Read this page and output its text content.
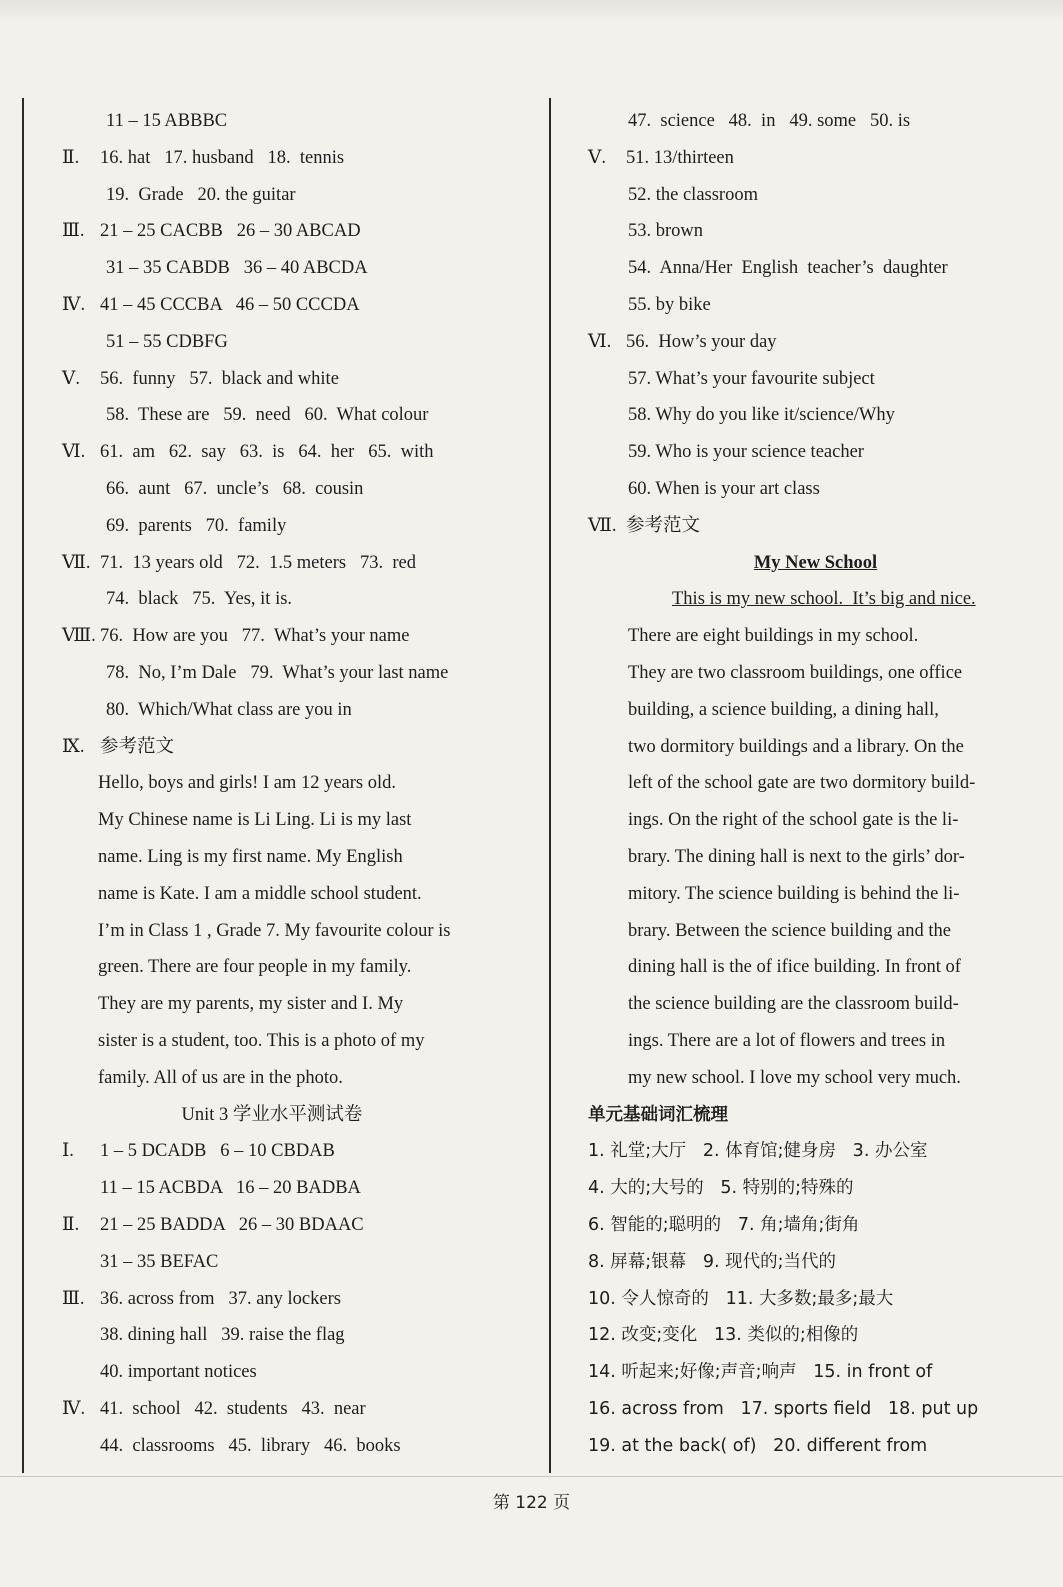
11 – 15 ABBBC
Ⅱ. 16. hat   17. husband   18.  tennis
19.  Grade   20. the guitar
Ⅲ. 21 – 25 CACBB   26 – 30 ABCAD
31 – 35 CABDB   36 – 40 ABCDA
Ⅳ. 41 – 45 CCCBA   46 – 50 CCCDA
51 – 55 CDBFG
Ⅴ. 56.  funny   57.  black and white
58.  These are   59.  need   60.  What colour
Ⅵ. 61.  am   62.  say   63.  is   64.  her   65.  with
66.  aunt   67.  uncle’s   68.  cousin
69.  parents   70.  family
Ⅶ. 71.  13 years old   72.  1.5 meters   73.  red
74.  black   75.  Yes, it is.
Ⅷ. 76.  How are you   77.  What’s your name
78.  No, I’m Dale   79.  What’s your last name
80.  Which/What class are you in
Ⅸ. 参考范文

Hello, boys and girls! I am 12 years old.

My Chinese name is Li Ling. Li is my last

name. Ling is my first name. My English

name is Kate. I am a middle school student.

I’m in Class 1 , Grade 7. My favourite colour is

green. There are four people in my family.

They are my parents, my sister and I. My

sister is a student, too. This is a photo of my

family. All of us are in the photo.

Unit 3 学业水平测试卷
Ⅰ. 1 – 5 DCADB   6 – 10 CBDAB
11 – 15 ACBDA   16 – 20 BADBA
Ⅱ. 21 – 25 BADDA   26 – 30 BDAAC
31 – 35 BEFAC
Ⅲ. 36. across from   37. any lockers
38. dining hall   39. raise the flag
40. important notices
Ⅳ. 41.  school   42.  students   43.  near
44.  classrooms   45.  library   46.  books
47.  science   48.  in   49. some   50. is
Ⅴ. 51. 13/thirteen
52. the classroom
53. brown
54.  Anna/Her  English  teacher’s  daughter
55. by bike
Ⅵ. 56.  How’s your day
57. What’s your favourite subject
58. Why do you like it/science/Why
59. Who is your science teacher
60. When is your art class
Ⅶ. 参考范文
My New School
This is my new school.  It’s big and nice.

There are eight buildings in my school.

They are two classroom buildings, one office

building, a science building, a dining hall,

two dormitory buildings and a library. On the

left of the school gate are two dormitory build-

ings. On the right of the school gate is the li-

brary. The dining hall is next to the girls’ dor-

mitory. The science building is behind the li-

brary. Between the science building and the

dining hall is the of ifice building. In front of

the science building are the classroom build-

ings. There are a lot of flowers and trees in

my new school. I love my school very much.

单元基础词汇梳理
1. 礼堂;大厅   2. 体育馆;健身房   3. 办公室
4. 大的;大号的   5. 特别的;特殊的
6. 智能的;聪明的   7. 角;墙角;街角
8. 屏幕;银幕   9. 现代的;当代的
10. 令人惊奇的   11. 大多数;最多;最大
12. 改变;变化   13. 类似的;相像的
14. 听起来;好像;声音;响声   15. in front of
16. across from   17. sports field   18. put up
19. at the back( of)   20. different from
第 122 页
